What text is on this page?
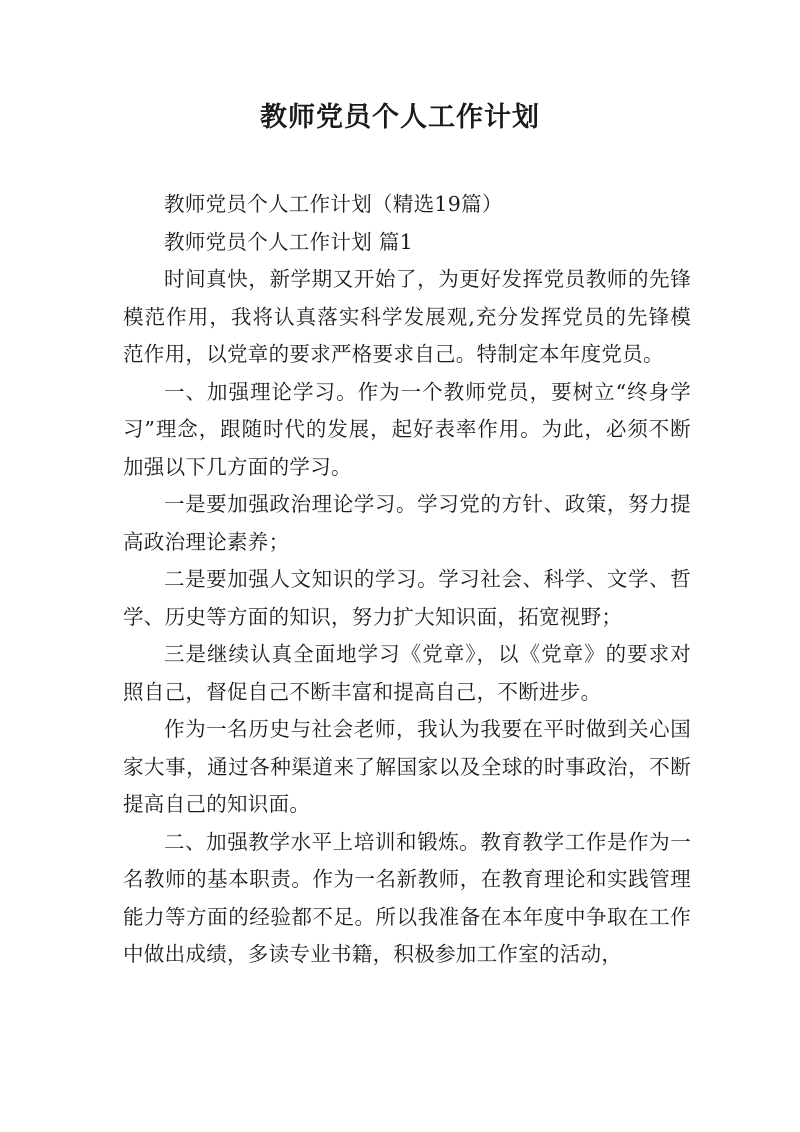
教师党员个人工作计划

教师党员个人工作计划（精选19篇）

教师党员个人工作计划 篇1

时间真快，新学期又开始了，为更好发挥党员教师的先锋模范作用，我将认真落实科学发展观,充分发挥党员的先锋模范作用，以党章的要求严格要求自己。特制定本年度党员。

一、加强理论学习。作为一个教师党员，要树立“终身学习”理念，跟随时代的发展，起好表率作用。为此，必须不断加强以下几方面的学习。

一是要加强政治理论学习。学习党的方针、政策，努力提高政治理论素养；

二是要加强人文知识的学习。学习社会、科学、文学、哲学、历史等方面的知识，努力扩大知识面，拓宽视野；

三是继续认真全面地学习《党章》，以《党章》的要求对照自己，督促自己不断丰富和提高自己，不断进步。

作为一名历史与社会老师，我认为我要在平时做到关心国家大事，通过各种渠道来了解国家以及全球的时事政治，不断提高自己的知识面。

二、加强教学水平上培训和锻炼。教育教学工作是作为一名教师的基本职责。作为一名新教师，在教育理论和实践管理能力等方面的经验都不足。所以我准备在本年度中争取在工作中做出成绩，多读专业书籍，积极参加工作室的活动，
